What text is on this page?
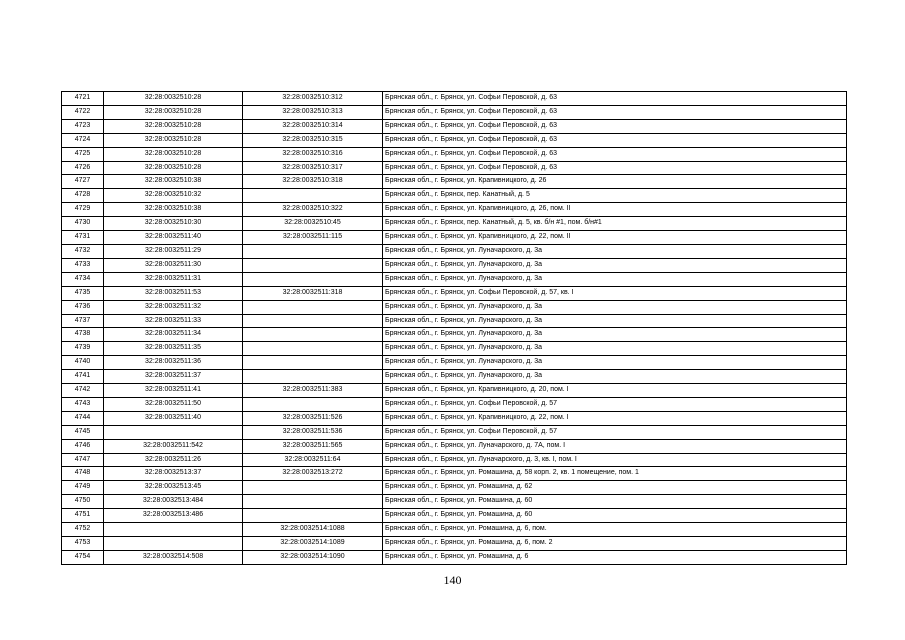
4721	32:28:0032510:28	32:28:0032510:312	Брянская обл., г. Брянск, ул. Софьи Перовской, д. 63
4722	32:28:0032510:28	32:28:0032510:313	Брянская обл., г. Брянск, ул. Софьи Перовской, д. 63
4723	32:28:0032510:28	32:28:0032510:314	Брянская обл., г. Брянск, ул. Софьи Перовской, д. 63
4724	32:28:0032510:28	32:28:0032510:315	Брянская обл., г. Брянск, ул. Софьи Перовской, д. 63
4725	32:28:0032510:28	32:28:0032510:316	Брянская обл., г. Брянск, ул. Софьи Перовской, д. 63
4726	32:28:0032510:28	32:28:0032510:317	Брянская обл., г. Брянск, ул. Софьи Перовской, д. 63
4727	32:28:0032510:38	32:28:0032510:318	Брянская обл., г. Брянск, ул. Крапивницкого, д. 26
4728	32:28:0032510:32		Брянская обл., г. Брянск, пер. Канатный, д. 5
4729	32:28:0032510:38	32:28:0032510:322	Брянская обл., г. Брянск, ул. Крапивницкого, д. 26, пом. II
4730	32:28:0032510:30	32:28:0032510:45	Брянская обл., г. Брянск, пер. Канатный, д. 5, кв. б/н #1, пом. б/н#1
4731	32:28:0032511:40	32:28:0032511:115	Брянская обл., г. Брянск, ул. Крапивницкого, д. 22, пом. II
4732	32:28:0032511:29		Брянская обл., г. Брянск, ул. Луначарского, д. 3а
4733	32:28:0032511:30		Брянская обл., г. Брянск, ул. Луначарского, д. 3а
4734	32:28:0032511:31		Брянская обл., г. Брянск, ул. Луначарского, д. 3а
4735	32:28:0032511:53	32:28:0032511:318	Брянская обл., г. Брянск, ул. Софьи Перовской, д. 57, кв. I
4736	32:28:0032511:32		Брянская обл., г. Брянск, ул. Луначарского, д. 3а
4737	32:28:0032511:33		Брянская обл., г. Брянск, ул. Луначарского, д. 3а
4738	32:28:0032511:34		Брянская обл., г. Брянск, ул. Луначарского, д. 3а
4739	32:28:0032511:35		Брянская обл., г. Брянск, ул. Луначарского, д. 3а
4740	32:28:0032511:36		Брянская обл., г. Брянск, ул. Луначарского, д. 3а
4741	32:28:0032511:37		Брянская обл., г. Брянск, ул. Луначарского, д. 3а
4742	32:28:0032511:41	32:28:0032511:383	Брянская обл., г. Брянск, ул. Крапивницкого, д. 20, пом. I
4743	32:28:0032511:50		Брянская обл., г. Брянск, ул. Софьи Перовской, д. 57
4744	32:28:0032511:40	32:28:0032511:526	Брянская обл., г. Брянск, ул. Крапивницкого, д. 22, пом. I
4745		32:28:0032511:536	Брянская обл., г. Брянск, ул. Софьи Перовской, д. 57
4746	32:28:0032511:542	32:28:0032511:565	Брянская обл., г. Брянск, ул. Луначарского, д. 7А, пом. I
4747	32:28:0032511:26	32:28:0032511:64	Брянская обл., г. Брянск, ул. Луначарского, д. 3, кв. I, пом. I
4748	32:28:0032513:37	32:28:0032513:272	Брянская обл., г. Брянск, ул. Ромашина, д. 58 корп. 2, кв. 1 помещение, пом. 1
4749	32:28:0032513:45		Брянская обл., г. Брянск, ул. Ромашина, д. 62
4750	32:28:0032513:484		Брянская обл., г. Брянск, ул. Ромашина, д. 60
4751	32:28:0032513:486		Брянская обл., г. Брянск, ул. Ромашина, д. 60
4752		32:28:0032514:1088	Брянская обл., г. Брянск, ул. Ромашина, д. 6, пом.
4753		32:28:0032514:1089	Брянская обл., г. Брянск, ул. Ромашина, д. 6, пом. 2
4754	32:28:0032514:508	32:28:0032514:1090	Брянская обл., г. Брянск, ул. Ромашина, д. 6
140
